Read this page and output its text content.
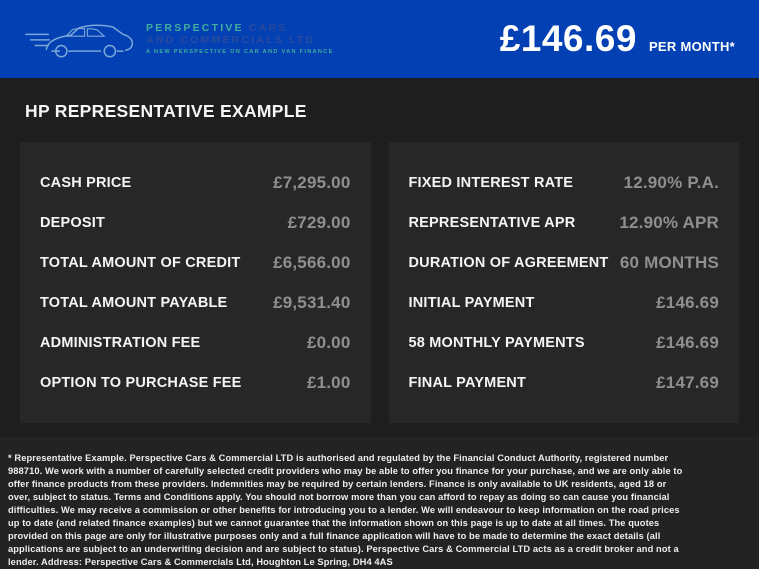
PERSPECTIVE CARS
AND COMMERCIALS LTD
A NEW PERSPECTIVE ON CAR AND VAN FINANCE	£146.69 PER MONTH*
HP REPRESENTATIVE EXAMPLE
CASH PRICE	£7,295.00
DEPOSIT	£729.00
TOTAL AMOUNT OF CREDIT £6,566.00
TOTAL AMOUNT PAYABLE	£9,531.40
ADMINISTRATION FEE	£0.00
OPTION TO PURCHASE FEE	£1.00
FIXED INTEREST RATE	12.90% P.A.
REPRESENTATIVE APR	12.90% APR
DURATION OF AGREEMENT 60 MONTHS
INITIAL PAYMENT	£146.69
58 MONTHLY PAYMENTS	£146.69
FINAL PAYMENT	£147.69

* Representative Example. Perspective Cars & Commercial LTD is authorised and regulated by the Financial Conduct Authority, registered number 988710. We work with a number of carefully selected credit providers who may be able to offer you finance for your purchase, and we are only able to offer finance products from these providers. Indemnities may be required by certain lenders. Finance is only available to UK residents, aged 18 or over, subject to status. Terms and Conditions apply. You should not borrow more than you can afford to repay as doing so can cause you financial difficulties. We may receive a commission or other benefits for introducing you to a lender. We will endeavour to keep information on the road prices up to date (and related finance examples) but we cannot guarantee that the information shown on this page is up to date at all times. The quotes provided on this page are only for illustrative purposes only and a full finance application will have to be made to determine the exact details (all applications are subject to an underwriting decision and are subject to status). Perspective Cars & Commercial LTD acts as a credit broker and not a lender. Address: Perspective Cars & Commercials Ltd, Houghton Le Spring, DH4 4AS
